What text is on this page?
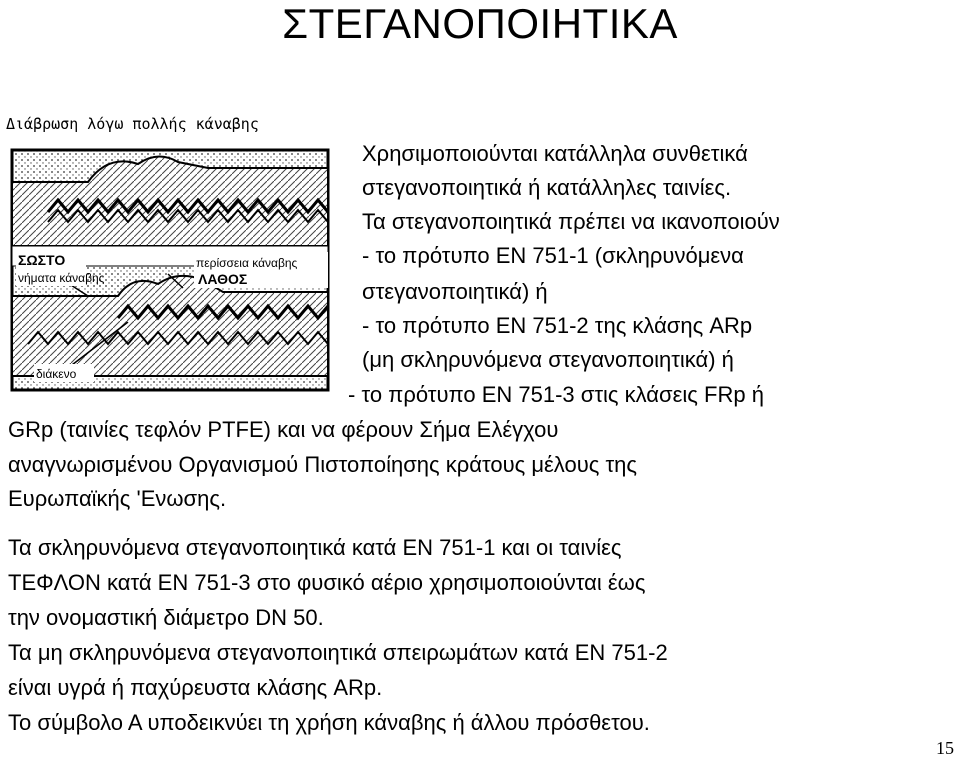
ΣΤΕΓΑΝΟΠΟΙΗΤΙΚΑ
Διάβρωση λόγω πολλής κάναβης
ΣΩΣΤΟ
νήματα κάναβης
περίσσεια κάναβης
ΛΑΘΟΣ
διάκενο
Χρησιμοποιούνται κατάλληλα συνθετικά
στεγανοποιητικά ή κατάλληλες ταινίες.
Τα στεγανοποιητικά πρέπει να ικανοποιούν
- το πρότυπο ΕΝ 751-1 (σκληρυνόμενα
στεγανοποιητικά) ή
- το πρότυπο ΕΝ 751-2 της κλάσης ARp
(μη σκληρυνόμενα στεγανοποιητικά) ή
- το πρότυπο ΕΝ 751-3 στις κλάσεις FRp ή
GRp (ταινίες τεφλόν PTFE) και να φέρουν Σήμα Ελέγχου
αναγνωρισμένου Οργανισμού Πιστοποίησης κράτους μέλους της
Ευρωπαϊκής 'Ενωσης.
Τα σκληρυνόμενα στεγανοποιητικά κατά ΕΝ 751-1 και οι ταινίες
ΤΕΦΛΟΝ κατά ΕΝ 751-3 στο φυσικό αέριο χρησιμοποιούνται έως
την ονομαστική διάμετρο DN 50.
Τα μη σκληρυνόμενα στεγανοποιητικά σπειρωμάτων κατά ΕΝ 751-2
είναι υγρά ή παχύρευστα κλάσης ARp.
Το σύμβολο Α υποδεικνύει τη χρήση κάναβης ή άλλου πρόσθετου.
15
